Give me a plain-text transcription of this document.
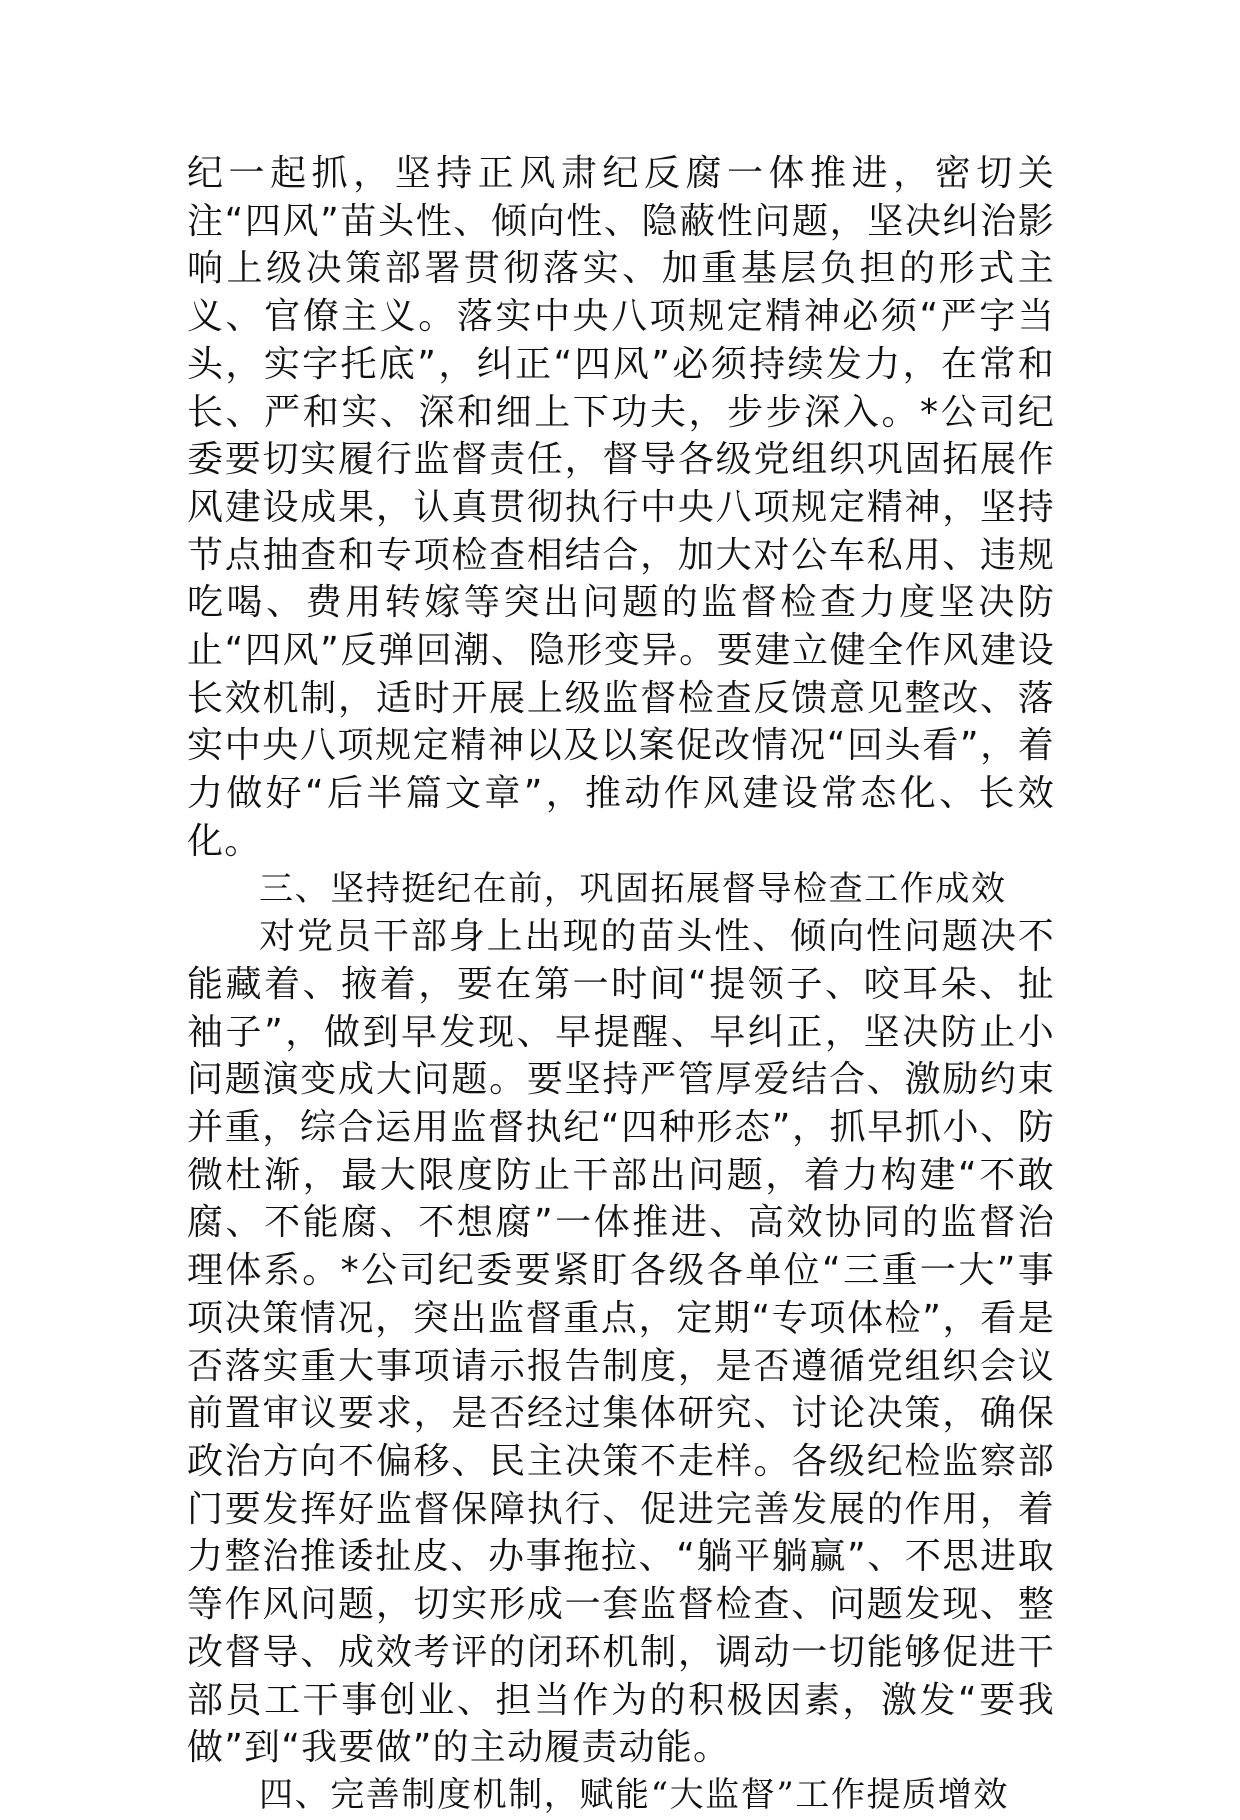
纪一起抓，坚持正风肃纪反腐一体推进，密切关注“四风”苗头性、倾向性、隐蔽性问题，坚决纠治影响上级决策部署贯彻落实、加重基层负担的形式主义、官僚主义。落实中央八项规定精神必须“严字当头，实字托底”，纠正“四风”必须持续发力，在常和长、严和实、深和细上下功夫，步步深入。*公司纪委要切实履行监督责任，督导各级党组织巩固拓展作风建设成果，认真贯彻执行中央八项规定精神，坚持节点抽查和专项检查相结合，加大对公车私用、违规吃喝、费用转嫁等突出问题的监督检查力度坚决防止“四风”反弹回潮、隐形变异。要建立健全作风建设长效机制，适时开展上级监督检查反馈意见整改、落实中央八项规定精神以及以案促改情况“回头看”，着力做好“后半篇文章”，推动作风建设常态化、长效化。

三、坚持挺纪在前，巩固拓展督导检查工作成效

对党员干部身上出现的苗头性、倾向性问题决不能藏着、掖着，要在第一时间“提领子、咬耳朵、扯袖子”，做到早发现、早提醒、早纠正，坚决防止小问题演变成大问题。要坚持严管厚爱结合、激励约束并重，综合运用监督执纪“四种形态”，抓早抓小、防微杜渐，最大限度防止干部出问题，着力构建“不敢腐、不能腐、不想腐”一体推进、高效协同的监督治理体系。*公司纪委要紧盯各级各单位“三重一大”事项决策情况，突出监督重点，定期“专项体检”，看是否落实重大事项请示报告制度，是否遵循党组织会议前置审议要求，是否经过集体研究、讨论决策，确保政治方向不偏移、民主决策不走样。各级纪检监察部门要发挥好监督保障执行、促进完善发展的作用，着力整治推诿扯皮、办事拖拉、“躺平躺赢”、不思进取等作风问题，切实形成一套监督检查、问题发现、整改督导、成效考评的闭环机制，调动一切能够促进干部员工干事创业、担当作为的积极因素，激发“要我做”到“我要做”的主动履责动能。

四、完善制度机制，赋能“大监督”工作提质增效
